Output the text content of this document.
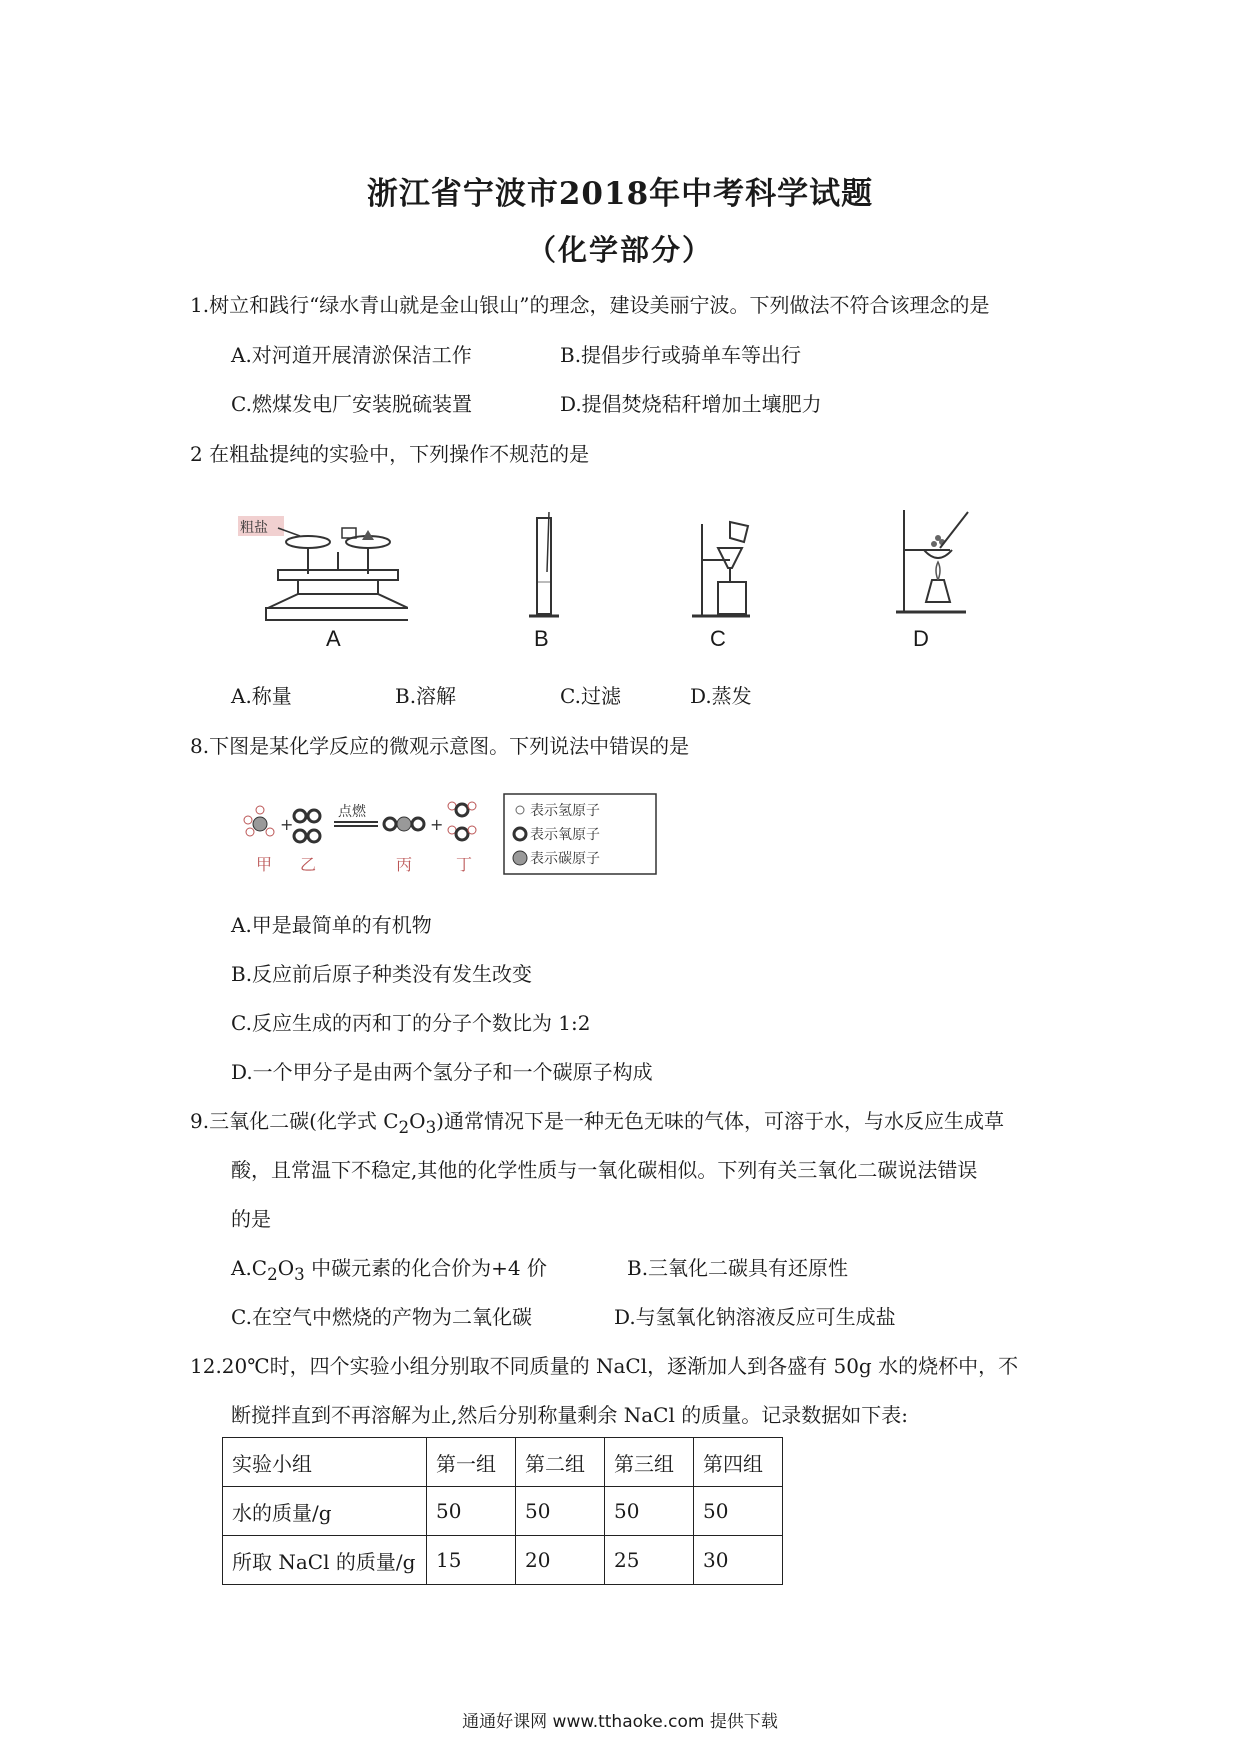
浙江省宁波市2018年中考科学试题
（化学部分）
1.树立和践行“绿水青山就是金山银山”的理念，建设美丽宁波。下列做法不符合该理念的是
A.对河道开展清淤保洁工作	B.提倡步行或骑单车等出行
C.燃煤发电厂安装脱硫装置	D.提倡焚烧秸秆增加土壤肥力
2 在粗盐提纯的实验中，下列操作不规范的是
粗盐
A	B	C	D
A.称量	B.溶解	C.过滤	D.蒸发
8.下图是某化学反应的微观示意图。下列说法中错误的是
+
点燃
+
甲 乙	丙	丁
表示氢原子
表示氧原子
表示碳原子
A.甲是最简单的有机物
B.反应前后原子种类没有发生改变
C.反应生成的丙和丁的分子个数比为 1:2
D.一个甲分子是由两个氢分子和一个碳原子构成
9.三氧化二碳(化学式 $C_2O_3$)通常情况下是一种无色无味的气体，可溶于水，与水反应生成草
酸，且常温下不稳定,其他的化学性质与一氧化碳相似。下列有关三氧化二碳说法错误
的是
$A.C_2O_3$ 中碳元素的化合价为+4 价	B.三氧化二碳具有还原性
C.在空气中燃烧的产物为二氧化碳	D.与氢氧化钠溶液反应可生成盐
12.20℃时，四个实验小组分别取不同质量的 NaCl，逐渐加人到各盛有 50g 水的烧杯中，不
断搅拌直到不再溶解为止,然后分别称量剩余 NaCl 的质量。记录数据如下表:
实验小组	第一组	第二组	第三组	第四组
水的质量/g	50	50	50	50
所取 NaCl 的质量/g	15	20	25	30
通通好课网 www.tthaoke.com 提供下载
